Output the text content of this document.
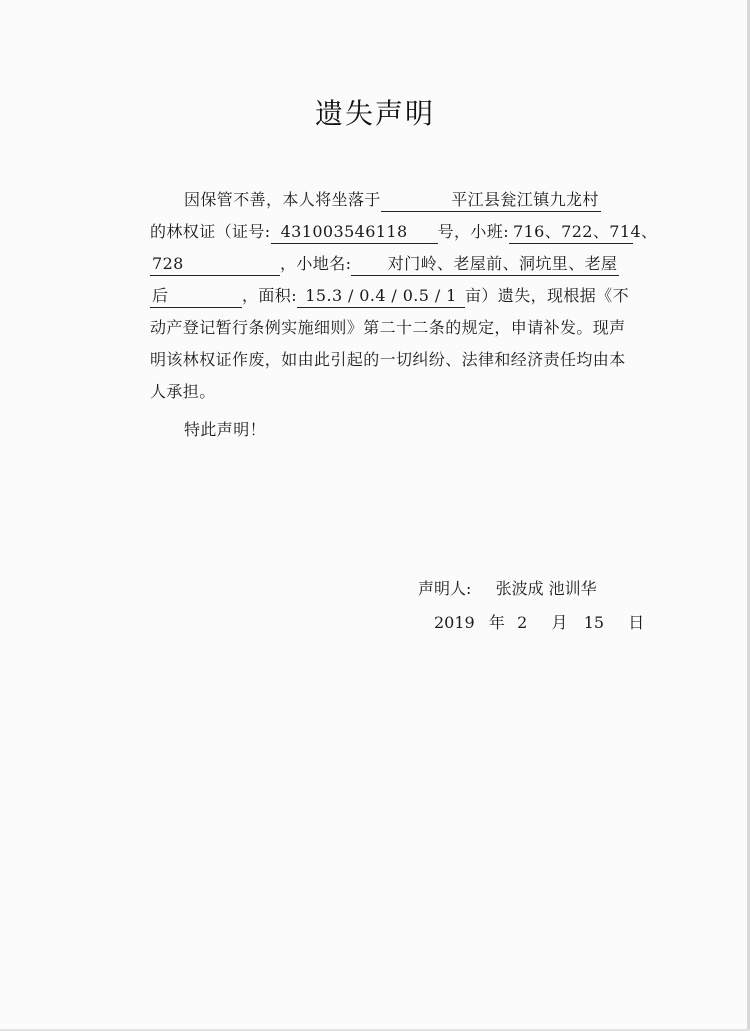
遗失声明
因保管不善，本人将坐落于	平江县瓮江镇九龙村
的林权证（证号: 431003546118 号，小班: 716、722、714、
728	，小地名: 对门岭、老屋前、洞坑里、老屋
后	，面积: 15.3 / 0.4 / 0.5 / 1 亩）遗失，现根据《不
动产登记暂行条例实施细则》第二十二条的规定，申请补发。现声
明该林权证作废，如由此引起的一切纠纷、法律和经济责任均由本
人承担。
特此声明！
声明人: 张波成 池训华
2019 年 2 月 15 日
